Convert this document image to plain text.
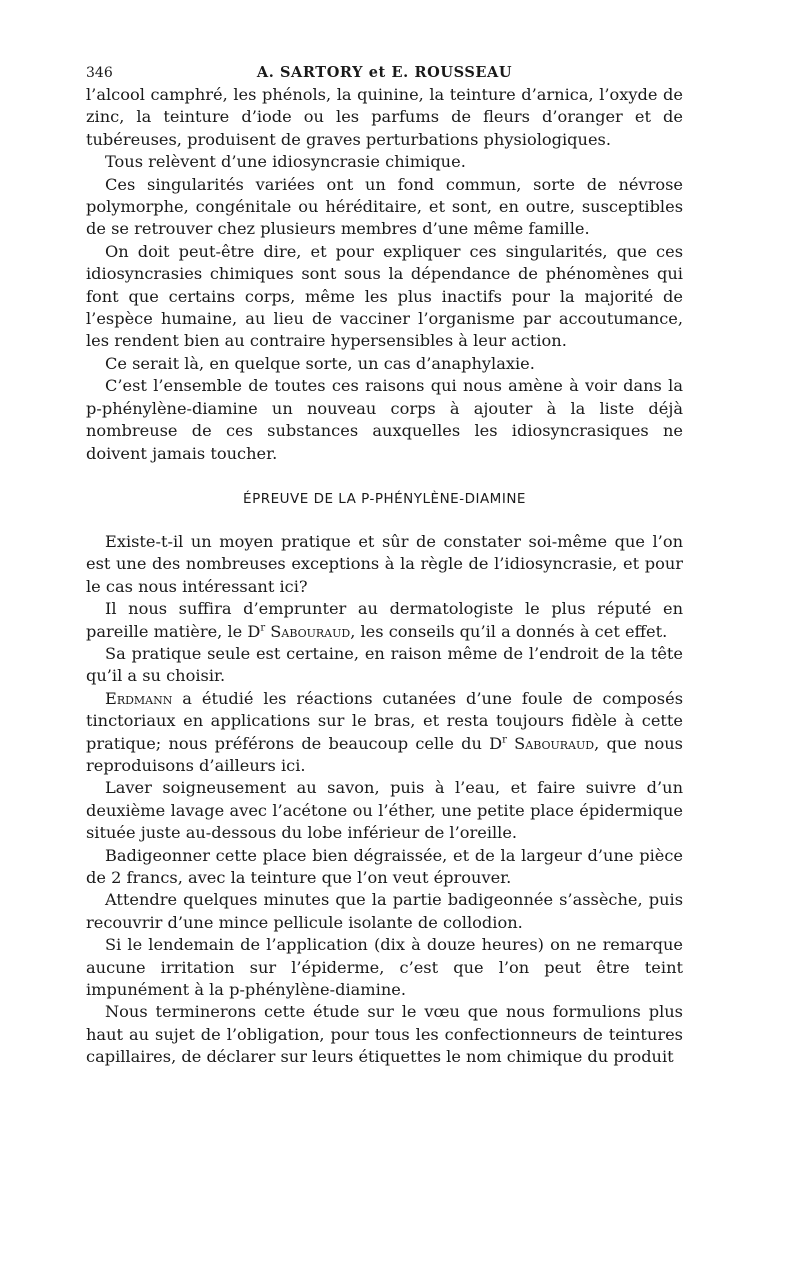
346	A. SARTORY et E. ROUSSEAU

l’alcool camphré, les phénols, la quinine, la teinture d’arnica, l’oxyde de zinc, la teinture d’iode ou les parfums de fleurs d’oranger et de tubéreuses, produisent de graves perturbations physiologiques.

Tous relèvent d’une idiosyncrasie chimique.

Ces singularités variées ont un fond commun, sorte de névrose polymorphe, congénitale ou héréditaire, et sont, en outre, susceptibles de se retrouver chez plusieurs membres d’une même famille.

On doit peut-être dire, et pour expliquer ces singularités, que ces idiosyncrasies chimiques sont sous la dépendance de phénomènes qui font que certains corps, même les plus inactifs pour la majorité de l’espèce humaine, au lieu de vacciner l’organisme par accoutumance, les rendent bien au contraire hypersensibles à leur action.

Ce serait là, en quelque sorte, un cas d’anaphylaxie.

C’est l’ensemble de toutes ces raisons qui nous amène à voir dans la p-phénylène-diamine un nouveau corps à ajouter à la liste déjà nombreuse de ces substances auxquelles les idiosyncrasiques ne doivent jamais toucher.

ÉPREUVE DE LA P-PHÉNYLÈNE-DIAMINE

Existe-t-il un moyen pratique et sûr de constater soi-même que l’on est une des nombreuses exceptions à la règle de l’idiosyncrasie, et pour le cas nous intéressant ici?

Il nous suffira d’emprunter au dermatologiste le plus réputé en pareille matière, le $D^r$ Sabouraud, les conseils qu’il a donnés à cet effet.

Sa pratique seule est certaine, en raison même de l’endroit de la tête qu’il a su choisir.

Erdmann a étudié les réactions cutanées d’une foule de composés tinctoriaux en applications sur le bras, et resta toujours fidèle à cette pratique; nous préférons de beaucoup celle du $D^r$ Sabouraud, que nous reproduisons d’ailleurs ici.

Laver soigneusement au savon, puis à l’eau, et faire suivre d’un deuxième lavage avec l’acétone ou l’éther, une petite place épidermique située juste au-dessous du lobe inférieur de l’oreille.

Badigeonner cette place bien dégraissée, et de la largeur d’une pièce de 2 francs, avec la teinture que l’on veut éprouver.

Attendre quelques minutes que la partie badigeonnée s’assèche, puis recouvrir d’une mince pellicule isolante de collodion.

Si le lendemain de l’application (dix à douze heures) on ne remarque aucune irritation sur l’épiderme, c’est que l’on peut être teint impunément à la p-phénylène-diamine.

Nous terminerons cette étude sur le vœu que nous formulions plus haut au sujet de l’obligation, pour tous les confectionneurs de teintures capillaires, de déclarer sur leurs étiquettes le nom chimique du produit
